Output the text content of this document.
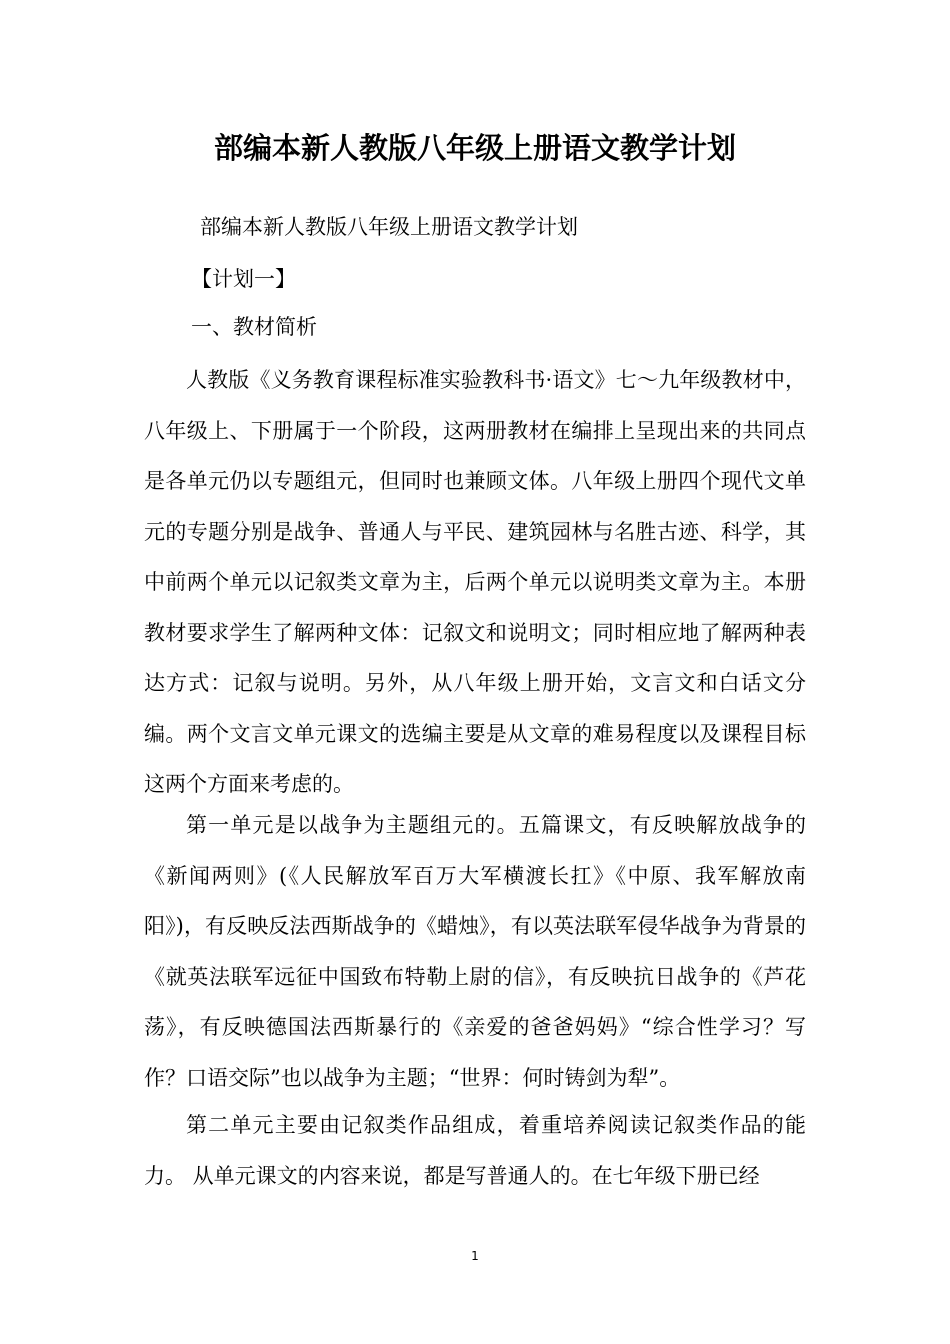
部编本新人教版八年级上册语文教学计划

部编本新人教版八年级上册语文教学计划

【计划一】

一、教材简析

人教版《义务教育课程标准实验教科书·语文》七～九年级教材中，八年级上、下册属于一个阶段，这两册教材在编排上呈现出来的共同点是各单元仍以专题组元，但同时也兼顾文体。八年级上册四个现代文单元的专题分别是战争、普通人与平民、建筑园林与名胜古迹、科学，其中前两个单元以记叙类文章为主，后两个单元以说明类文章为主。本册教材要求学生了解两种文体：记叙文和说明文；同时相应地了解两种表达方式：记叙与说明。另外，从八年级上册开始，文言文和白话文分编。两个文言文单元课文的选编主要是从文章的难易程度以及课程目标这两个方面来考虑的。

第一单元是以战争为主题组元的。五篇课文，有反映解放战争的《新闻两则》(《人民解放军百万大军横渡长扛》《中原、我军解放南阳》)，有反映反法西斯战争的《蜡烛》，有以英法联军侵华战争为背景的《就英法联军远征中国致布特勒上尉的信》，有反映抗日战争的《芦花荡》，有反映德国法西斯暴行的《亲爱的爸爸妈妈》“综合性学习？写作？口语交际”也以战争为主题；“世界：何时铸剑为犁”。

第二单元主要由记叙类作品组成，着重培养阅读记叙类作品的能力。 从单元课文的内容来说，都是写普通人的。在七年级下册已经

1
